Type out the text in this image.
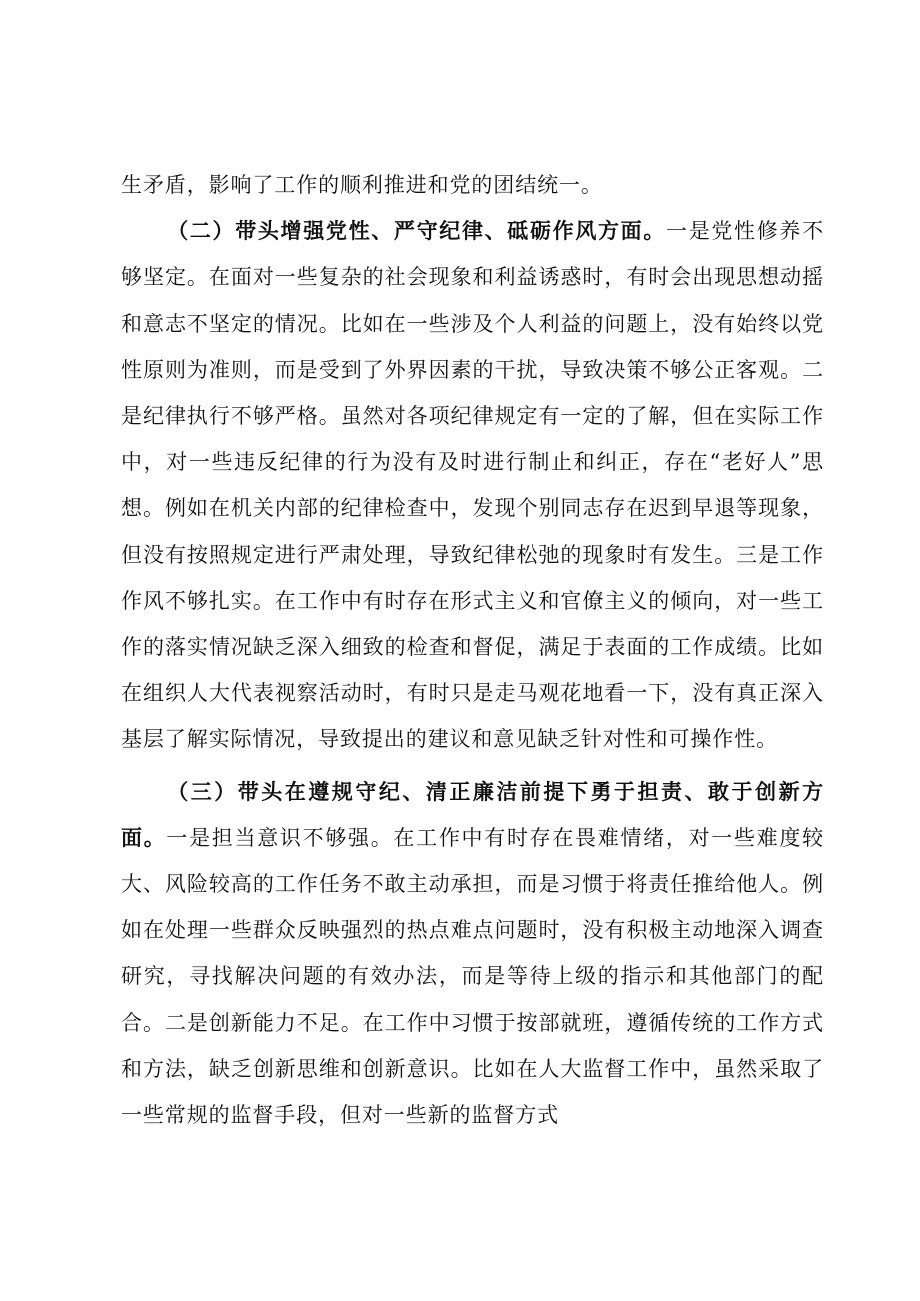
生矛盾，影响了工作的顺利推进和党的团结统一。

（二）带头增强党性、严守纪律、砥砺作风方面。一是党性修养不够坚定。在面对一些复杂的社会现象和利益诱惑时，有时会出现思想动摇和意志不坚定的情况。比如在一些涉及个人利益的问题上，没有始终以党性原则为准则，而是受到了外界因素的干扰，导致决策不够公正客观。二是纪律执行不够严格。虽然对各项纪律规定有一定的了解，但在实际工作中，对一些违反纪律的行为没有及时进行制止和纠正，存在“老好人”思想。例如在机关内部的纪律检查中，发现个别同志存在迟到早退等现象，但没有按照规定进行严肃处理，导致纪律松弛的现象时有发生。三是工作作风不够扎实。在工作中有时存在形式主义和官僚主义的倾向，对一些工作的落实情况缺乏深入细致的检查和督促，满足于表面的工作成绩。比如在组织人大代表视察活动时，有时只是走马观花地看一下，没有真正深入基层了解实际情况，导致提出的建议和意见缺乏针对性和可操作性。

（三）带头在遵规守纪、清正廉洁前提下勇于担责、敢于创新方面。一是担当意识不够强。在工作中有时存在畏难情绪，对一些难度较大、风险较高的工作任务不敢主动承担，而是习惯于将责任推给他人。例如在处理一些群众反映强烈的热点难点问题时，没有积极主动地深入调查研究，寻找解决问题的有效办法，而是等待上级的指示和其他部门的配合。二是创新能力不足。在工作中习惯于按部就班，遵循传统的工作方式和方法，缺乏创新思维和创新意识。比如在人大监督工作中，虽然采取了一些常规的监督手段，但对一些新的监督方式
